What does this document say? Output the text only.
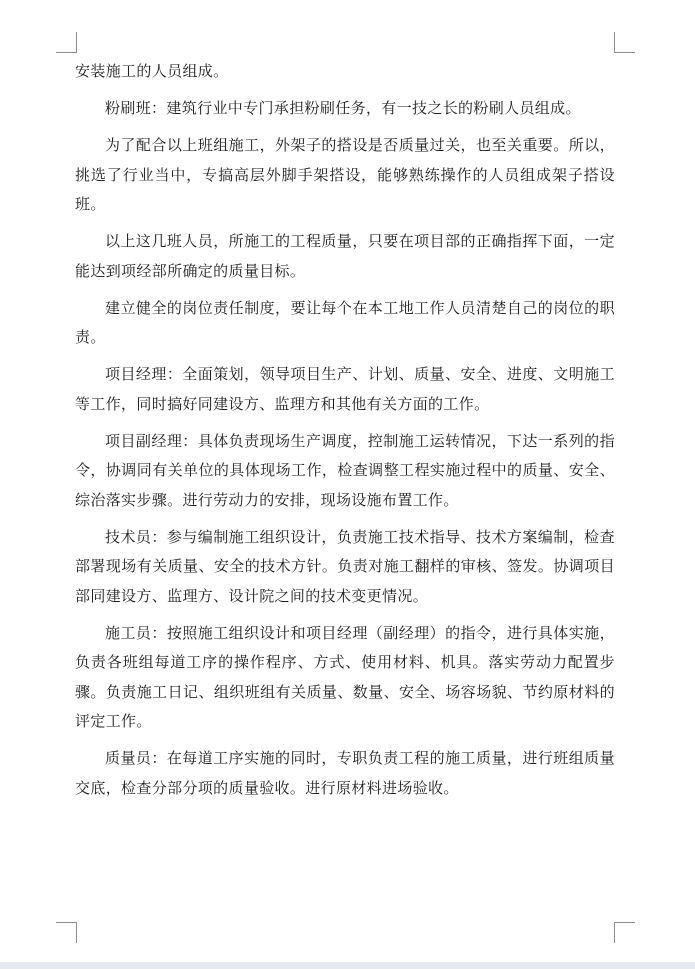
安装施工的人员组成。

粉刷班：建筑行业中专门承担粉刷任务，有一技之长的粉刷人员组成。

为了配合以上班组施工，外架子的搭设是否质量过关，也至关重要。所以，挑选了行业当中，专搞高层外脚手架搭设，能够熟练操作的人员组成架子搭设班。

以上这几班人员，所施工的工程质量，只要在项目部的正确指挥下面，一定能达到项经部所确定的质量目标。

建立健全的岗位责任制度，要让每个在本工地工作人员清楚自己的岗位的职责。

项目经理：全面策划，领导项目生产、计划、质量、安全、进度、文明施工等工作，同时搞好同建设方、监理方和其他有关方面的工作。

项目副经理：具体负责现场生产调度，控制施工运转情况，下达一系列的指令，协调同有关单位的具体现场工作，检查调整工程实施过程中的质量、安全、综治落实步骤。进行劳动力的安排，现场设施布置工作。

技术员：参与编制施工组织设计，负责施工技术指导、技术方案编制，检查部署现场有关质量、安全的技术方针。负责对施工翻样的审核、签发。协调项目部同建设方、监理方、设计院之间的技术变更情况。

施工员：按照施工组织设计和项目经理（副经理）的指令，进行具体实施，负责各班组每道工序的操作程序、方式、使用材料、机具。落实劳动力配置步骤。负责施工日记、组织班组有关质量、数量、安全、场容场貌、节约原材料的评定工作。

质量员：在每道工序实施的同时，专职负责工程的施工质量，进行班组质量交底，检查分部分项的质量验收。进行原材料进场验收。
